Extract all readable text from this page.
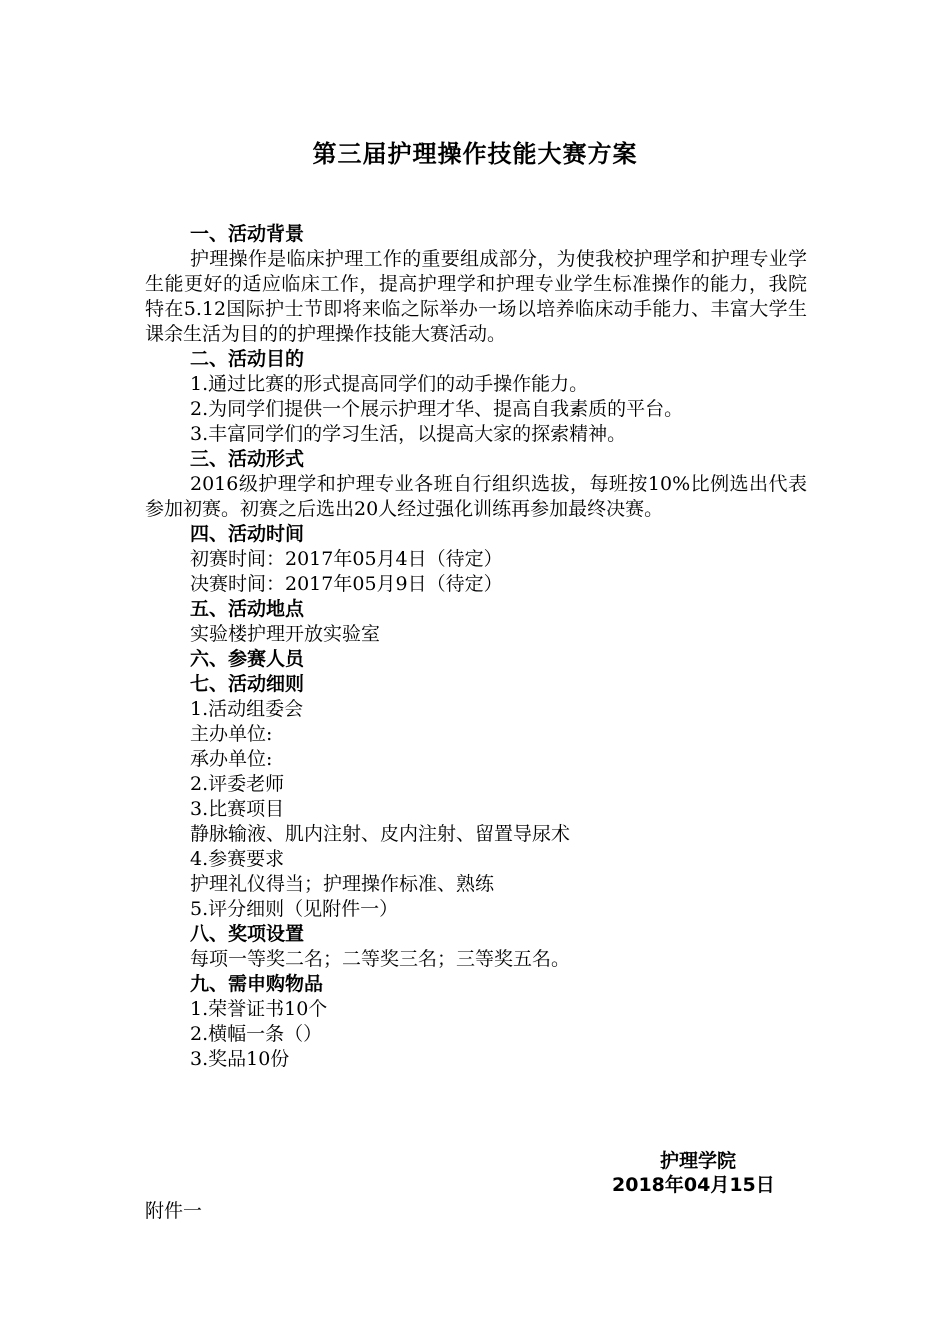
第三届护理操作技能大赛方案
一、活动背景
护理操作是临床护理工作的重要组成部分，为使我校护理学和护理专业学生能更好的适应临床工作，提高护理学和护理专业学生标准操作的能力，我院特在5.12国际护士节即将来临之际举办一场以培养临床动手能力、丰富大学生课余生活为目的的护理操作技能大赛活动。
二、活动目的
1.通过比赛的形式提高同学们的动手操作能力。
2.为同学们提供一个展示护理才华、提高自我素质的平台。
3.丰富同学们的学习生活，以提高大家的探索精神。
三、活动形式
2016级护理学和护理专业各班自行组织选拔，每班按10%比例选出代表参加初赛。初赛之后选出20人经过强化训练再参加最终决赛。
四、活动时间
初赛时间：2017年05月4日（待定）
决赛时间：2017年05月9日（待定）
五、活动地点
实验楼护理开放实验室
六、参赛人员
七、活动细则
1.活动组委会
主办单位:
承办单位:
2.评委老师
3.比赛项目
静脉输液、肌内注射、皮内注射、留置导尿术
4.参赛要求
护理礼仪得当；护理操作标准、熟练
5.评分细则（见附件一）
八、奖项设置
每项一等奖二名；二等奖三名；三等奖五名。
九、需申购物品
1.荣誉证书10个
2.横幅一条（）
3.奖品10份
护理学院
2018年04月15日
附件一
